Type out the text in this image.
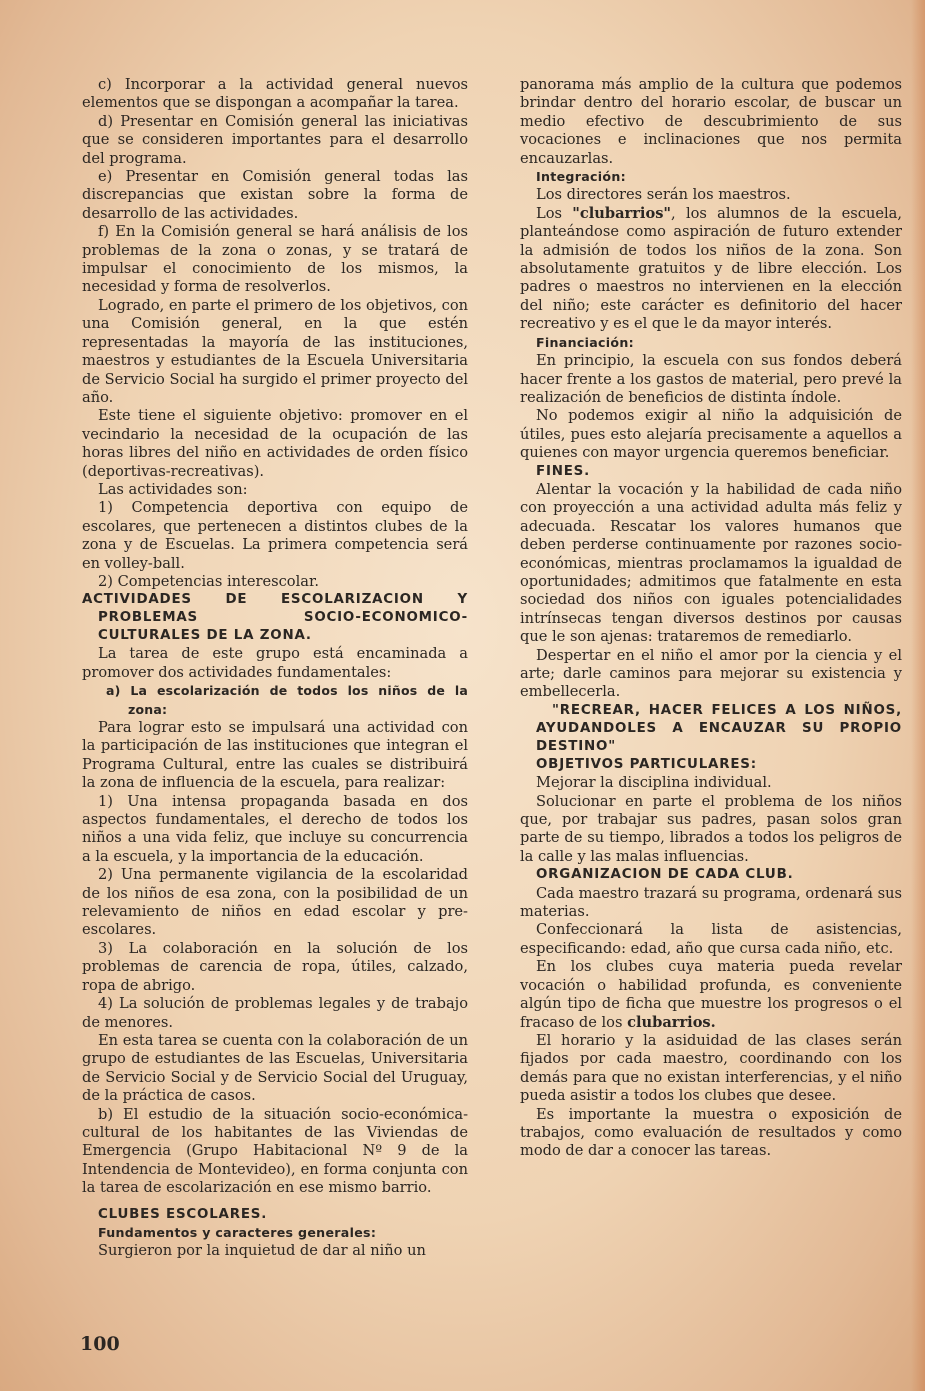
c) Incorporar a la actividad general nuevos elementos que se dispongan a acompañar la tarea.

d) Presentar en Comisión general las iniciativas que se consideren importantes para el desarrollo del programa.

e) Presentar en Comisión general todas las discrepancias que existan sobre la forma de desarrollo de las actividades.

f) En la Comisión general se hará análisis de los problemas de la zona o zonas, y se tratará de impulsar el conocimiento de los mismos, la necesidad y forma de resolverlos.

Logrado, en parte el primero de los objetivos, con una Comisión general, en la que estén representadas la mayoría de las instituciones, maestros y estudiantes de la Escuela Universitaria de Servicio Social ha surgido el primer proyecto del año.

Este tiene el siguiente objetivo: promover en el vecindario la necesidad de la ocupación de las horas libres del niño en actividades de orden físico (deportivas-recreativas).

Las actividades son:

1) Competencia deportiva con equipo de escolares, que pertenecen a distintos clubes de la zona y de Escuelas. La primera competencia será en volley-ball.

2) Competencias interescolar.

ACTIVIDADES DE ESCOLARIZACION Y PROBLEMAS SOCIO-ECONOMICO-CULTURALES DE LA ZONA.

La tarea de este grupo está encaminada a promover dos actividades fundamentales:

a) La escolarización de todos los niños de la zona:

Para lograr esto se impulsará una actividad con la participación de las instituciones que integran el Programa Cultural, entre las cuales se distribuirá la zona de influencia de la escuela, para realizar:

1) Una intensa propaganda basada en dos aspectos fundamentales, el derecho de todos los niños a una vida feliz, que incluye su concurrencia a la escuela, y la importancia de la educación.

2) Una permanente vigilancia de la escolaridad de los niños de esa zona, con la posibilidad de un relevamiento de niños en edad escolar y pre-escolares.

3) La colaboración en la solución de los problemas de carencia de ropa, útiles, calzado, ropa de abrigo.

4) La solución de problemas legales y de trabajo de menores.

En esta tarea se cuenta con la colaboración de un grupo de estudiantes de las Escuelas, Universitaria de Servicio Social y de Servicio Social del Uruguay, de la práctica de casos.

b) El estudio de la situación socio-económica-cultural de los habitantes de las Viviendas de Emergencia (Grupo Habitacional Nº 9 de la Intendencia de Montevideo), en forma conjunta con la tarea de escolarización en ese mismo barrio.

CLUBES ESCOLARES.

Fundamentos y caracteres generales:

Surgieron por la inquietud de dar al niño un

panorama más amplio de la cultura que podemos brindar dentro del horario escolar, de buscar un medio efectivo de descubrimiento de sus vocaciones e inclinaciones que nos permita encauzarlas.

Integración:

Los directores serán los maestros.

Los "clubarrios", los alumnos de la escuela, planteándose como aspiración de futuro extender la admisión de todos los niños de la zona. Son absolutamente gratuitos y de libre elección. Los padres o maestros no intervienen en la elección del niño; este carácter es definitorio del hacer recreativo y es el que le da mayor interés.

Financiación:

En principio, la escuela con sus fondos deberá hacer frente a los gastos de material, pero prevé la realización de beneficios de distinta índole.

No podemos exigir al niño la adquisición de útiles, pues esto alejaría precisamente a aquellos a quienes con mayor urgencia queremos beneficiar.

FINES.

Alentar la vocación y la habilidad de cada niño con proyección a una actividad adulta más feliz y adecuada. Rescatar los valores humanos que deben perderse continuamente por razones socio-económicas, mientras proclamamos la igualdad de oportunidades; admitimos que fatalmente en esta sociedad dos niños con iguales potencialidades intrínsecas tengan diversos destinos por causas que le son ajenas: trataremos de remediarlo.

Despertar en el niño el amor por la ciencia y el arte; darle caminos para mejorar su existencia y embellecerla.

"RECREAR, HACER FELICES A LOS NIÑOS, AYUDANDOLES A ENCAUZAR SU PROPIO DESTINO"

OBJETIVOS PARTICULARES:

Mejorar la disciplina individual.

Solucionar en parte el problema de los niños que, por trabajar sus padres, pasan solos gran parte de su tiempo, librados a todos los peligros de la calle y las malas influencias.

ORGANIZACION DE CADA CLUB.

Cada maestro trazará su programa, ordenará sus materias.

Confeccionará la lista de asistencias, especificando: edad, año que cursa cada niño, etc.

En los clubes cuya materia pueda revelar vocación o habilidad profunda, es conveniente algún tipo de ficha que muestre los progresos o el fracaso de los clubarrios.

El horario y la asiduidad de las clases serán fijados por cada maestro, coordinando con los demás para que no existan interferencias, y el niño pueda asistir a todos los clubes que desee.

Es importante la muestra o exposición de trabajos, como evaluación de resultados y como modo de dar a conocer las tareas.

100
